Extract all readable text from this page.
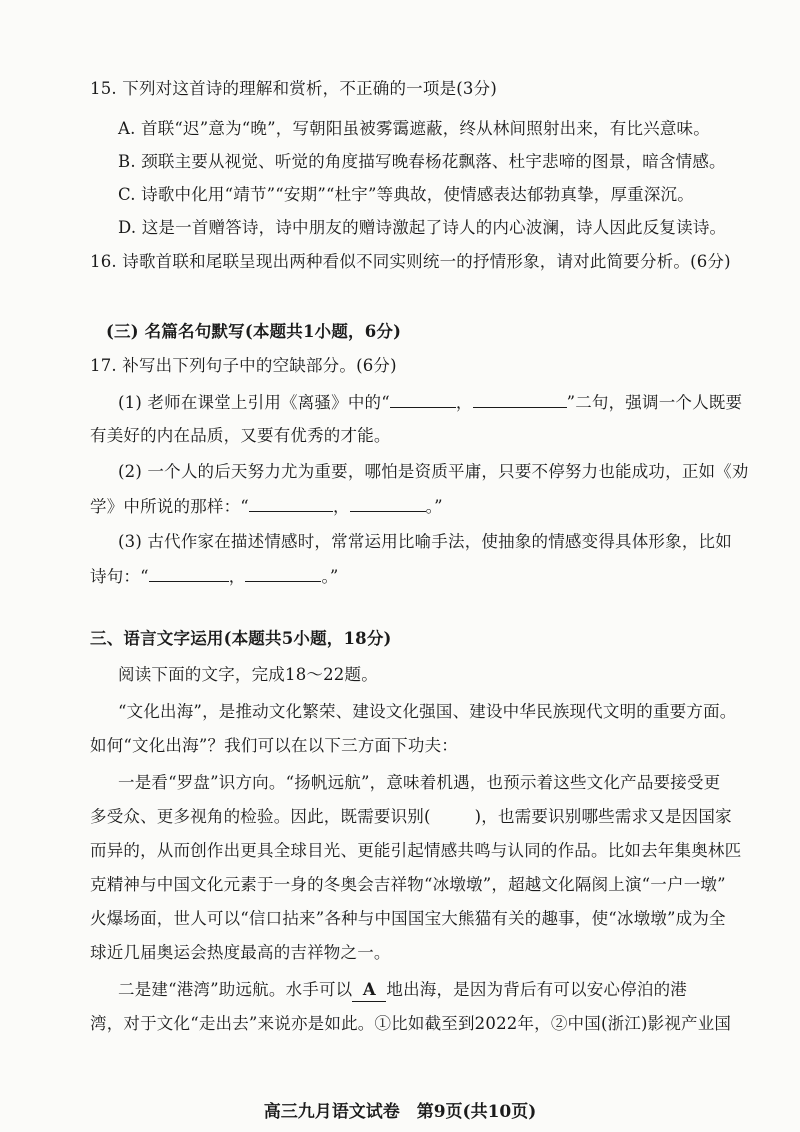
15. 下列对这首诗的理解和赏析，不正确的一项是(3分)
A. 首联“迟”意为“晚”，写朝阳虽被雾霭遮蔽，终从林间照射出来，有比兴意味。
B. 颈联主要从视觉、听觉的角度描写晚春杨花飘落、杜宇悲啼的图景，暗含情感。
C. 诗歌中化用“靖节”“安期”“杜宇”等典故，使情感表达郁勃真挚，厚重深沉。
D. 这是一首赠答诗，诗中朋友的赠诗激起了诗人的内心波澜，诗人因此反复读诗。
16. 诗歌首联和尾联呈现出两种看似不同实则统一的抒情形象，请对此简要分析。(6分)
(三) 名篇名句默写(本题共1小题，6分)
17. 补写出下列句子中的空缺部分。(6分)
(1) 老师在课堂上引用《离骚》中的“	，	”二句，强调一个人既要
有美好的内在品质，又要有优秀的才能。
(2) 一个人的后天努力尤为重要，哪怕是资质平庸，只要不停努力也能成功，正如《劝
学》中所说的那样：“	，	。”
(3) 古代作家在描述情感时，常常运用比喻手法，使抽象的情感变得具体形象，比如
诗句：“	，	。”
三、语言文字运用(本题共5小题，18分)
阅读下面的文字，完成18～22题。
“文化出海”，是推动文化繁荣、建设文化强国、建设中华民族现代文明的重要方面。
如何“文化出海”？我们可以在以下三方面下功夫：
一是看“罗盘”识方向。“扬帆远航”，意味着机遇，也预示着这些文化产品要接受更
多受众、更多视角的检验。因此，既需要识别(	)，也需要识别哪些需求又是因国家
而异的，从而创作出更具全球目光、更能引起情感共鸣与认同的作品。比如去年集奥林匹
克精神与中国文化元素于一身的冬奥会吉祥物“冰墩墩”，超越文化隔阂上演“一户一墩”
火爆场面，世人可以“信口拈来”各种与中国国宝大熊猫有关的趣事，使“冰墩墩”成为全
球近几届奥运会热度最高的吉祥物之一。
二是建“港湾”助远航。水手可以 A 地出海，是因为背后有可以安心停泊的港
湾，对于文化“走出去”来说亦是如此。①比如截至到2022年，②中国(浙江)影视产业国
高三九月语文试卷　第9页(共10页)
